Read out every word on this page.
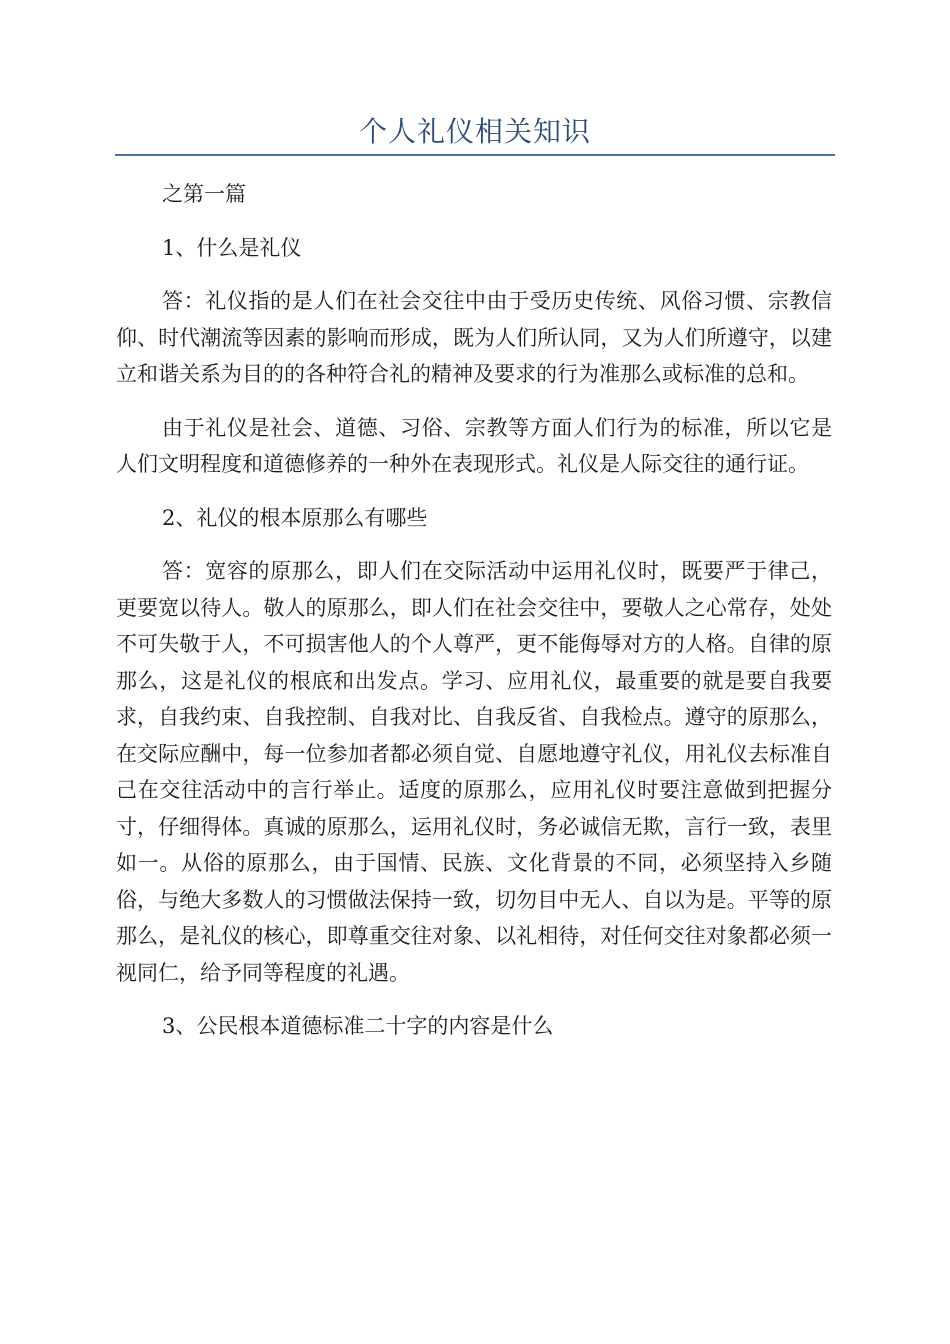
个人礼仪相关知识

之第一篇

1、什么是礼仪

答：礼仪指的是人们在社会交往中由于受历史传统、风俗习惯、宗教信仰、时代潮流等因素的影响而形成，既为人们所认同，又为人们所遵守，以建立和谐关系为目的的各种符合礼的精神及要求的行为准那么或标准的总和。

由于礼仪是社会、道德、习俗、宗教等方面人们行为的标准，所以它是人们文明程度和道德修养的一种外在表现形式。礼仪是人际交往的通行证。

2、礼仪的根本原那么有哪些

答：宽容的原那么，即人们在交际活动中运用礼仪时，既要严于律己，更要宽以待人。敬人的原那么，即人们在社会交往中，要敬人之心常存，处处不可失敬于人，不可损害他人的个人尊严，更不能侮辱对方的人格。自律的原那么，这是礼仪的根底和出发点。学习、应用礼仪，最重要的就是要自我要求，自我约束、自我控制、自我对比、自我反省、自我检点。遵守的原那么，在交际应酬中，每一位参加者都必须自觉、自愿地遵守礼仪，用礼仪去标准自己在交往活动中的言行举止。适度的原那么，应用礼仪时要注意做到把握分寸，仔细得体。真诚的原那么，运用礼仪时，务必诚信无欺，言行一致，表里如一。从俗的原那么，由于国情、民族、文化背景的不同，必须坚持入乡随俗，与绝大多数人的习惯做法保持一致，切勿目中无人、自以为是。平等的原那么，是礼仪的核心，即尊重交往对象、以礼相待，对任何交往对象都必须一视同仁，给予同等程度的礼遇。

3、公民根本道德标准二十字的内容是什么
